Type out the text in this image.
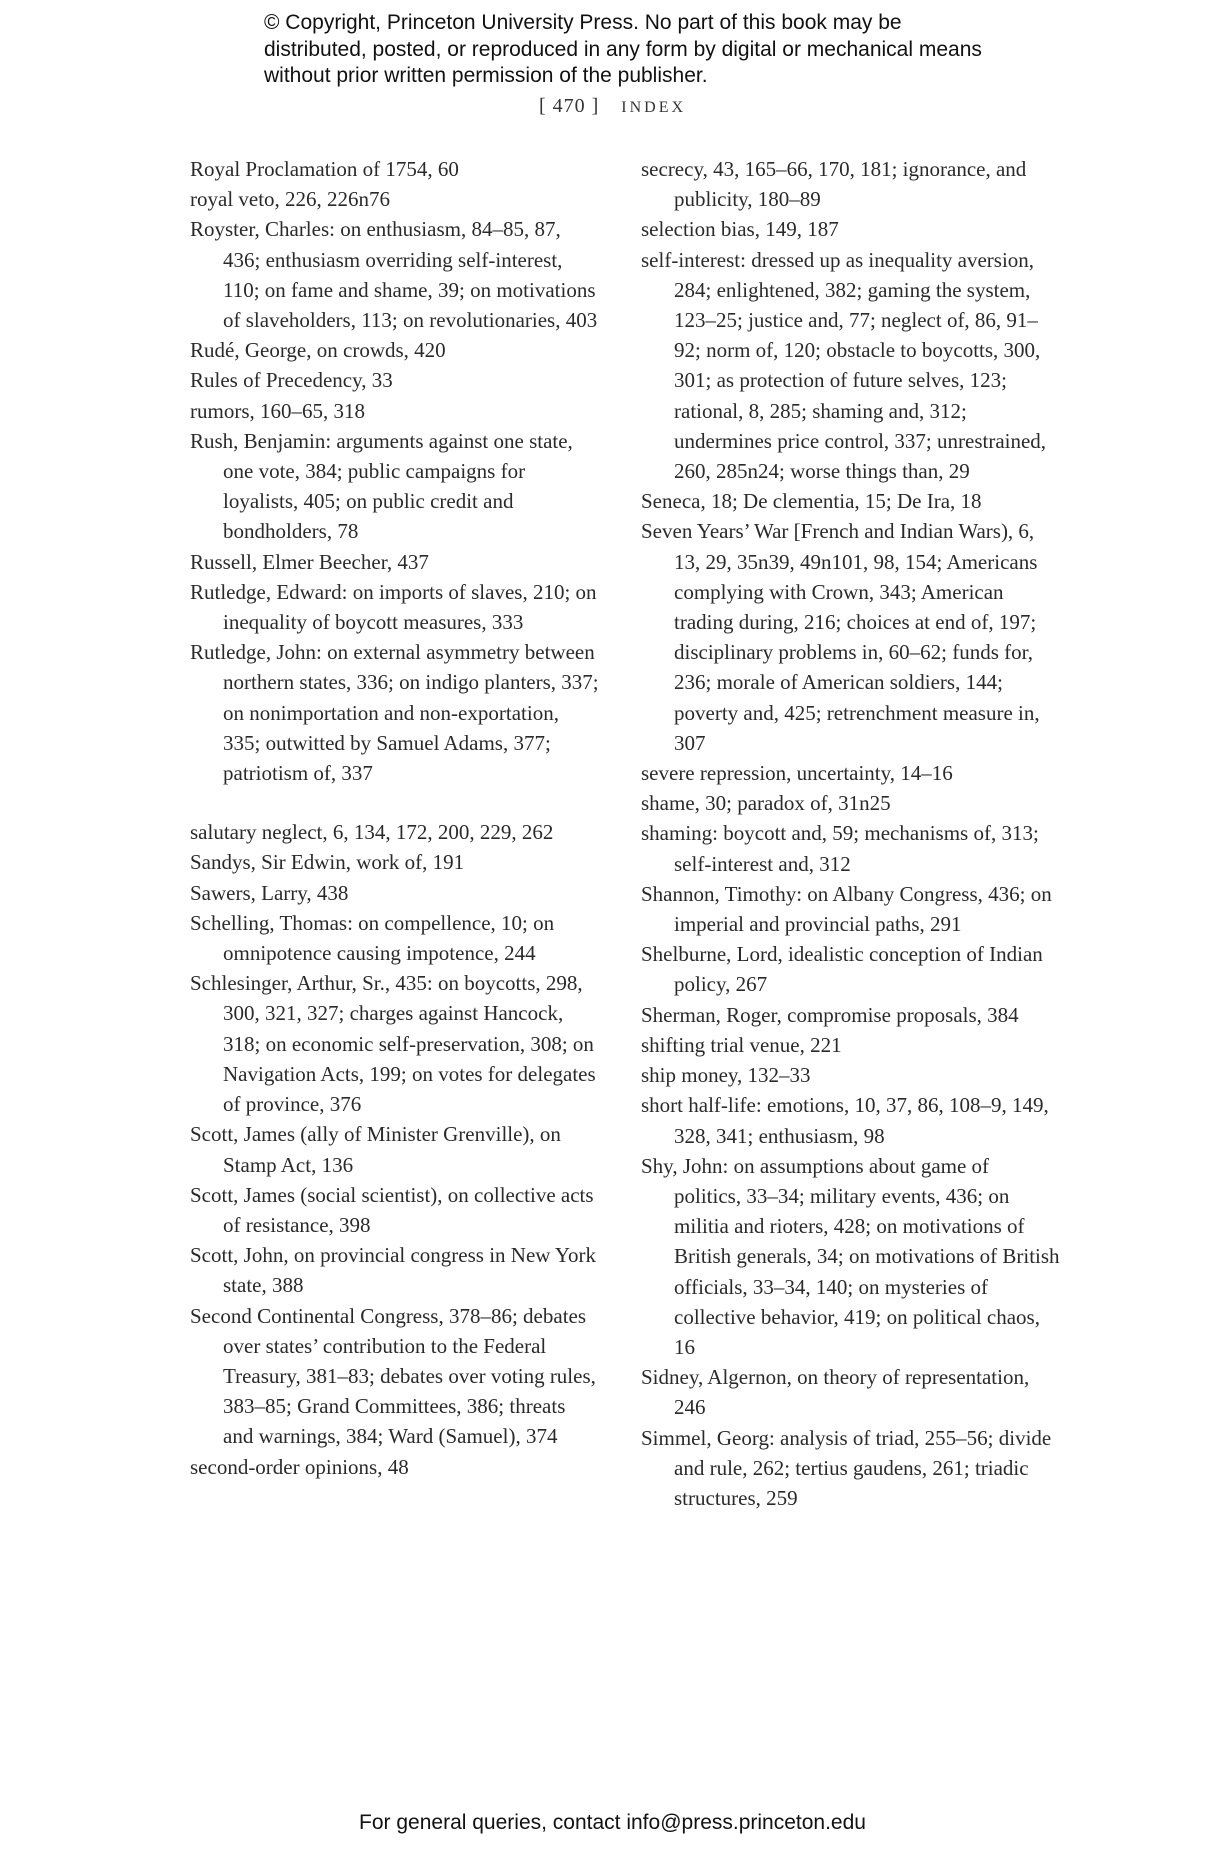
© Copyright, Princeton University Press. No part of this book may be distributed, posted, or reproduced in any form by digital or mechanical means without prior written permission of the publisher.
[ 470 ] INDEX

Royal Proclamation of 1754, 60

royal veto, 226, 226n76

Royster, Charles: on enthusiasm, 84–85, 87, 436; enthusiasm overriding self-interest, 110; on fame and shame, 39; on motivations of slaveholders, 113; on revolutionaries, 403

Rudé, George, on crowds, 420

Rules of Precedency, 33

rumors, 160–65, 318

Rush, Benjamin: arguments against one state, one vote, 384; public campaigns for loyalists, 405; on public credit and bondholders, 78

Russell, Elmer Beecher, 437

Rutledge, Edward: on imports of slaves, 210; on inequality of boycott measures, 333

Rutledge, John: on external asymmetry between northern states, 336; on indigo planters, 337; on nonimportation and non-exportation, 335; outwitted by Samuel Adams, 377; patriotism of, 337

salutary neglect, 6, 134, 172, 200, 229, 262

Sandys, Sir Edwin, work of, 191

Sawers, Larry, 438

Schelling, Thomas: on compellence, 10; on omnipotence causing impotence, 244

Schlesinger, Arthur, Sr., 435: on boycotts, 298, 300, 321, 327; charges against Hancock, 318; on economic self-preservation, 308; on Navigation Acts, 199; on votes for delegates of province, 376

Scott, James (ally of Minister Grenville), on Stamp Act, 136

Scott, James (social scientist), on collective acts of resistance, 398

Scott, John, on provincial congress in New York state, 388

Second Continental Congress, 378–86; debates over states’ contribution to the Federal Treasury, 381–83; debates over voting rules, 383–85; Grand Committees, 386; threats and warnings, 384; Ward (Samuel), 374

second-order opinions, 48

secrecy, 43, 165–66, 170, 181; ignorance, and publicity, 180–89

selection bias, 149, 187

self-interest: dressed up as inequality aversion, 284; enlightened, 382; gaming the system, 123–25; justice and, 77; neglect of, 86, 91–92; norm of, 120; obstacle to boycotts, 300, 301; as protection of future selves, 123; rational, 8, 285; shaming and, 312; undermines price control, 337; unrestrained, 260, 285n24; worse things than, 29

Seneca, 18; De clementia, 15; De Ira, 18

Seven Years’ War [French and Indian Wars), 6, 13, 29, 35n39, 49n101, 98, 154; Americans complying with Crown, 343; American trading during, 216; choices at end of, 197; disciplinary problems in, 60–62; funds for, 236; morale of American soldiers, 144; poverty and, 425; retrenchment measure in, 307

severe repression, uncertainty, 14–16

shame, 30; paradox of, 31n25

shaming: boycott and, 59; mechanisms of, 313; self-interest and, 312

Shannon, Timothy: on Albany Congress, 436; on imperial and provincial paths, 291

Shelburne, Lord, idealistic conception of Indian policy, 267

Sherman, Roger, compromise proposals, 384

shifting trial venue, 221

ship money, 132–33

short half-life: emotions, 10, 37, 86, 108–9, 149, 328, 341; enthusiasm, 98

Shy, John: on assumptions about game of politics, 33–34; military events, 436; on militia and rioters, 428; on motivations of British generals, 34; on motivations of British officials, 33–34, 140; on mysteries of collective behavior, 419; on political chaos, 16

Sidney, Algernon, on theory of representation, 246

Simmel, Georg: analysis of triad, 255–56; divide and rule, 262; tertius gaudens, 261; triadic structures, 259

For general queries, contact info@press.princeton.edu
